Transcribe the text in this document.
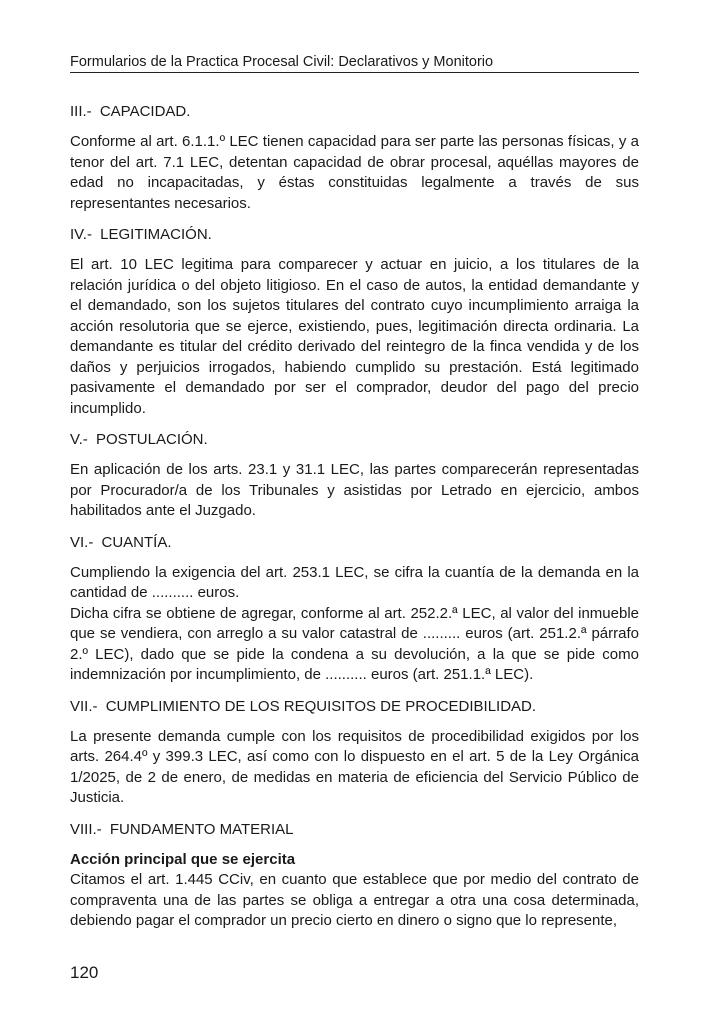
Formularios de la Practica Procesal Civil: Declarativos y Monitorio
III.- CAPACIDAD.

Conforme al art. 6.1.1.º LEC tienen capacidad para ser parte las personas físicas, y a tenor del art. 7.1 LEC, detentan capacidad de obrar procesal, aquéllas mayores de edad no incapacitadas, y éstas constituidas legalmente a través de sus representantes necesarios.

IV.- LEGITIMACIÓN.

El art. 10 LEC legitima para comparecer y actuar en juicio, a los titulares de la relación jurídica o del objeto litigioso. En el caso de autos, la entidad demandante y el demandado, son los sujetos titulares del contrato cuyo incumplimiento arraiga la acción resolutoria que se ejerce, existiendo, pues, legitimación directa ordinaria. La demandante es titular del crédito derivado del reintegro de la finca vendida y de los daños y perjuicios irrogados, habiendo cumplido su prestación. Está legitimado pasivamente el demandado por ser el comprador, deudor del pago del precio incumplido.

V.- POSTULACIÓN.

En aplicación de los arts. 23.1 y 31.1 LEC, las partes comparecerán representadas por Procurador/a de los Tribunales y asistidas por Letrado en ejercicio, ambos habilitados ante el Juzgado.

VI.- CUANTÍA.

Cumpliendo la exigencia del art. 253.1 LEC, se cifra la cuantía de la demanda en la cantidad de .......... euros.

Dicha cifra se obtiene de agregar, conforme al art. 252.2.ª LEC, al valor del inmueble que se vendiera, con arreglo a su valor catastral de ......... euros (art. 251.2.ª párrafo 2.º LEC), dado que se pide la condena a su devolución, a la que se pide como indemnización por incumplimiento, de .......... euros (art. 251.1.ª LEC).

VII.- CUMPLIMIENTO DE LOS REQUISITOS DE PROCEDIBILIDAD.

La presente demanda cumple con los requisitos de procedibilidad exigidos por los arts. 264.4º y 399.3 LEC, así como con lo dispuesto en el art. 5 de la Ley Orgánica 1/2025, de 2 de enero, de medidas en materia de eficiencia del Servicio Público de Justicia.

VIII.- FUNDAMENTO MATERIAL
Acción principal que se ejercita

Citamos el art. 1.445 CCiv, en cuanto que establece que por medio del contrato de compraventa una de las partes se obliga a entregar a otra una cosa determinada, debiendo pagar el comprador un precio cierto en dinero o signo que lo represente,

120
